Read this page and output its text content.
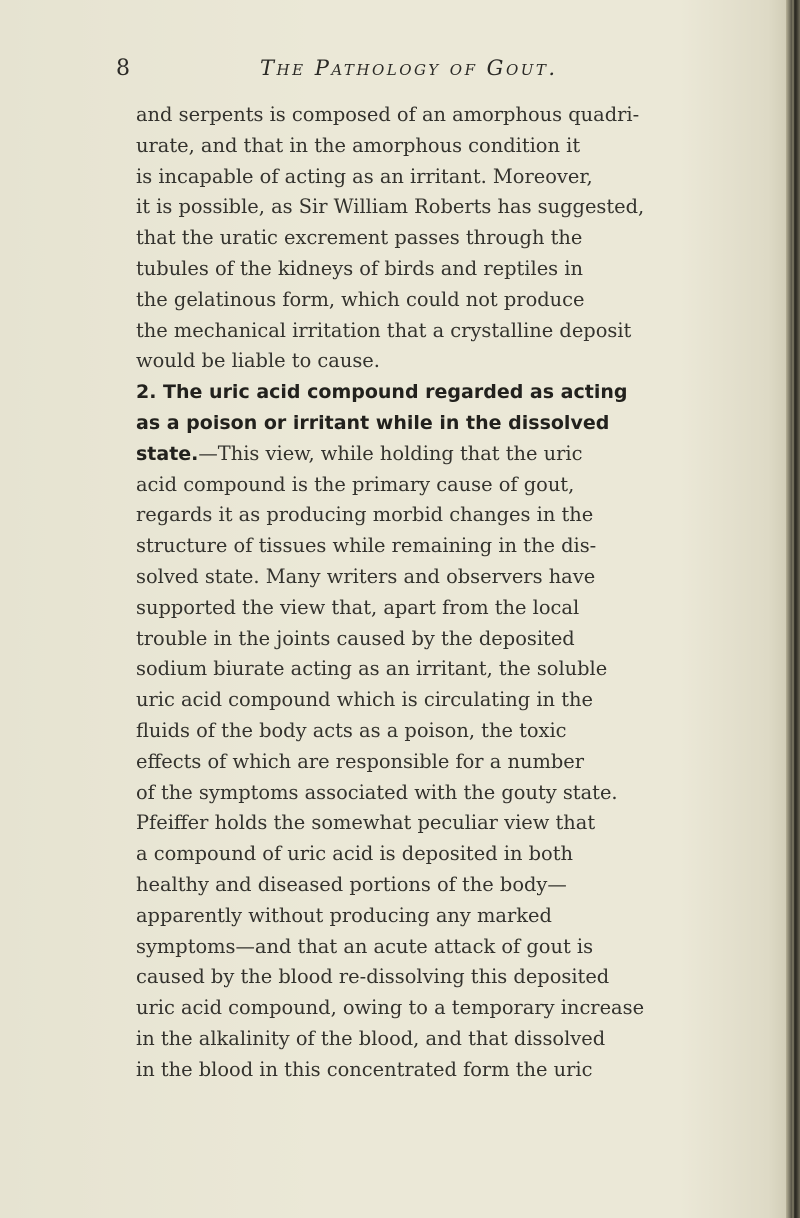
8	The Pathology of Gout.
and serpents is composed of an amorphous quadri-
urate, and that in the amorphous condition it
is incapable of acting as an irritant. Moreover,
it is possible, as Sir William Roberts has suggested,
that the uratic excrement passes through the
tubules of the kidneys of birds and reptiles in
the gelatinous form, which could not produce
the mechanical irritation that a crystalline deposit
would be liable to cause.
2. The uric acid compound regarded as acting
as a poison or irritant while in the dissolved
state.—This view, while holding that the uric
acid compound is the primary cause of gout,
regards it as producing morbid changes in the
structure of tissues while remaining in the dis-
solved state. Many writers and observers have
supported the view that, apart from the local
trouble in the joints caused by the deposited
sodium biurate acting as an irritant, the soluble
uric acid compound which is circulating in the
fluids of the body acts as a poison, the toxic
effects of which are responsible for a number
of the symptoms associated with the gouty state.
Pfeiffer holds the somewhat peculiar view that
a compound of uric acid is deposited in both
healthy and diseased portions of the body—
apparently without producing any marked
symptoms—and that an acute attack of gout is
caused by the blood re-dissolving this deposited
uric acid compound, owing to a temporary increase
in the alkalinity of the blood, and that dissolved
in the blood in this concentrated form the uric
